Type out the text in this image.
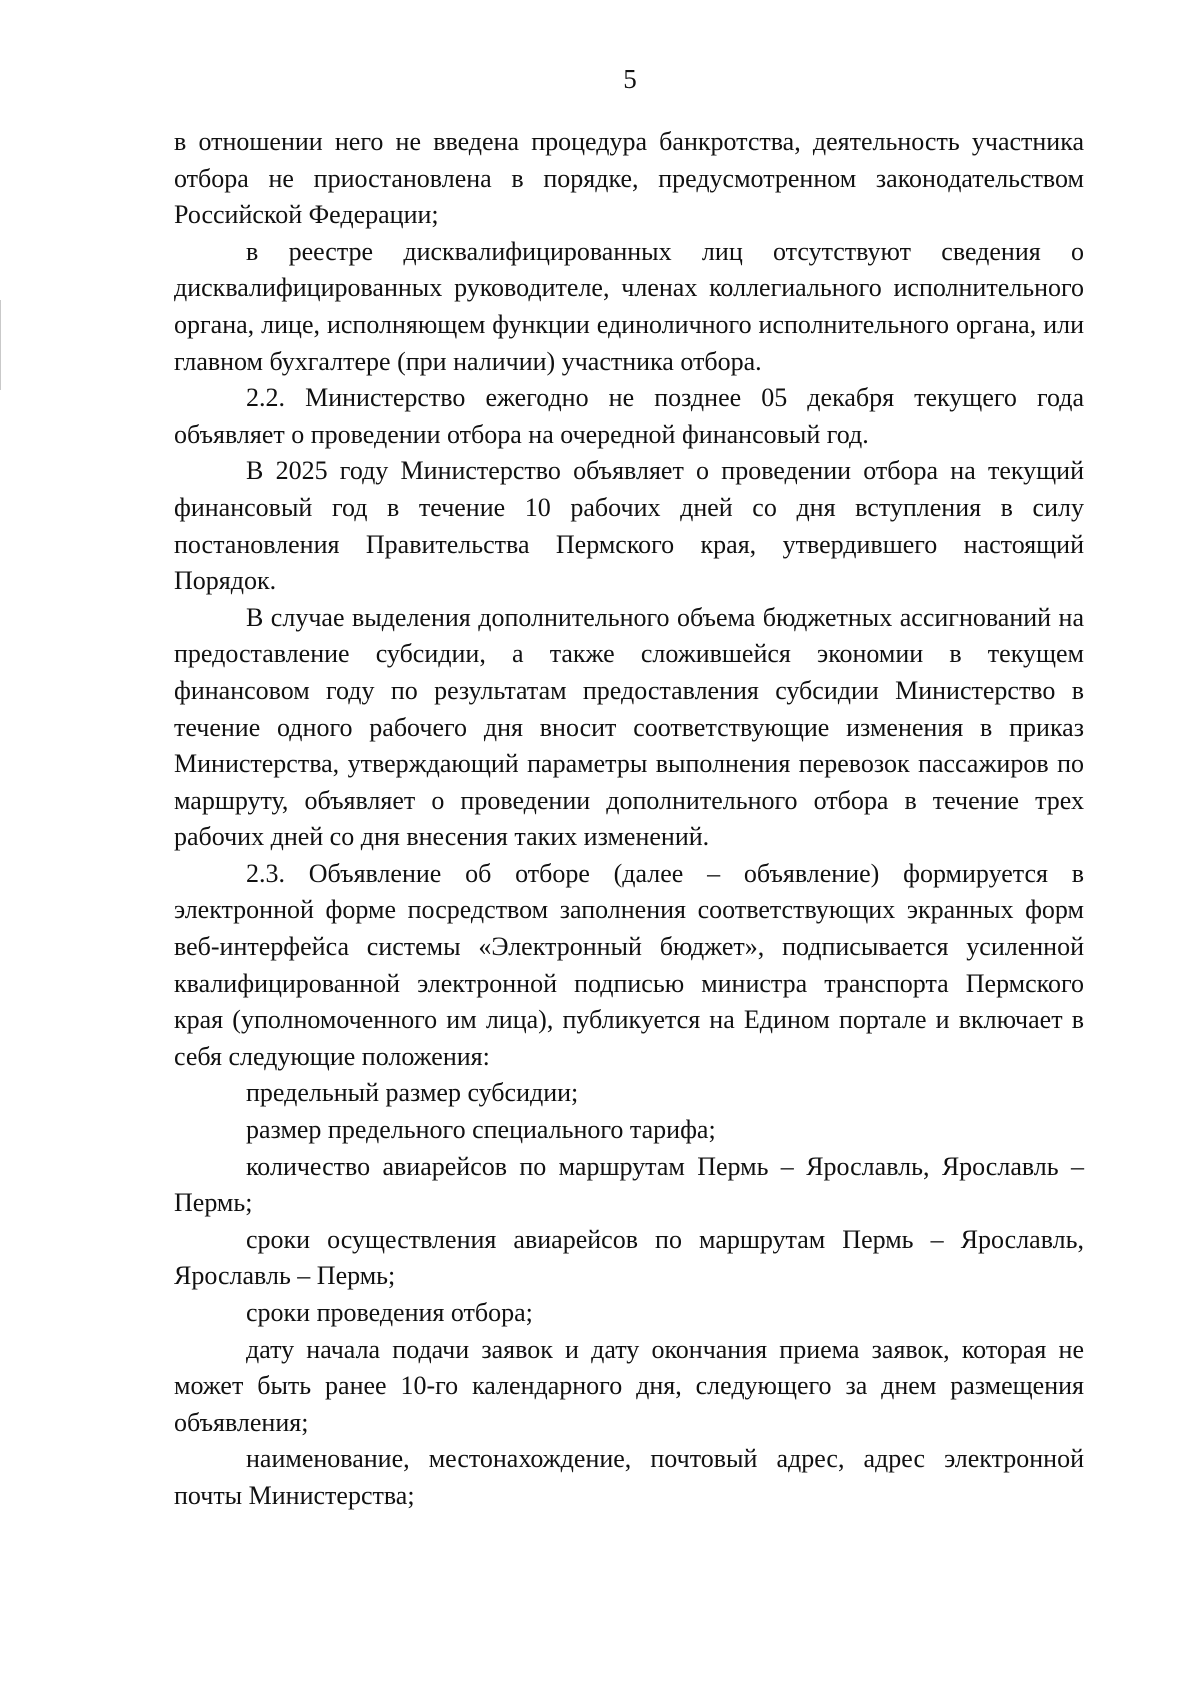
5

в отношении него не введена процедура банкротства, деятельность участника отбора не приостановлена в порядке, предусмотренном законодательством Российской Федерации;

в реестре дисквалифицированных лиц отсутствуют сведения о дисквалифицированных руководителе, членах коллегиального исполнительного органа, лице, исполняющем функции единоличного исполнительного органа, или главном бухгалтере (при наличии) участника отбора.

2.2. Министерство ежегодно не позднее 05 декабря текущего года объявляет о проведении отбора на очередной финансовый год.

В 2025 году Министерство объявляет о проведении отбора на текущий финансовый год в течение 10 рабочих дней со дня вступления в силу постановления Правительства Пермского края, утвердившего настоящий Порядок.

В случае выделения дополнительного объема бюджетных ассигнований на предоставление субсидии, а также сложившейся экономии в текущем финансовом году по результатам предоставления субсидии Министерство в течение одного рабочего дня вносит соответствующие изменения в приказ Министерства, утверждающий параметры выполнения перевозок пассажиров по маршруту, объявляет о проведении дополнительного отбора в течение трех рабочих дней со дня внесения таких изменений.

2.3. Объявление об отборе (далее – объявление) формируется в электронной форме посредством заполнения соответствующих экранных форм веб-интерфейса системы «Электронный бюджет», подписывается усиленной квалифицированной электронной подписью министра транспорта Пермского края (уполномоченного им лица), публикуется на Едином портале и включает в себя следующие положения:

предельный размер субсидии;

размер предельного специального тарифа;

количество авиарейсов по маршрутам Пермь – Ярославль, Ярославль – Пермь;

сроки осуществления авиарейсов по маршрутам Пермь – Ярославль, Ярославль – Пермь;

сроки проведения отбора;

дату начала подачи заявок и дату окончания приема заявок, которая не может быть ранее 10-го календарного дня, следующего за днем размещения объявления;

наименование, местонахождение, почтовый адрес, адрес электронной почты Министерства;
